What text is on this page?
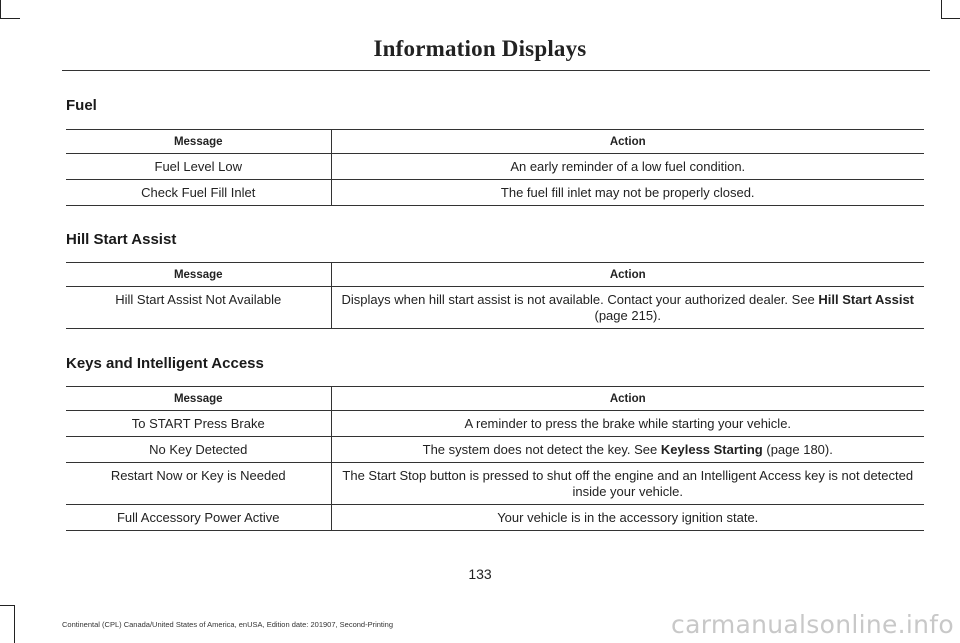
Information Displays
Fuel
Message	Action
Fuel Level Low	An early reminder of a low fuel condition.
Check Fuel Fill Inlet	The fuel fill inlet may not be properly closed.
Hill Start Assist
Message	Action
Hill Start Assist Not Available	Displays when hill start assist is not available. Contact your authorized dealer. See Hill Start Assist (page 215).
Keys and Intelligent Access
Message	Action
To START Press Brake	A reminder to press the brake while starting your vehicle.
No Key Detected	The system does not detect the key. See Keyless Starting (page 180).
Restart Now or Key is Needed	The Start Stop button is pressed to shut off the engine and an Intelligent Access key is not detected inside your vehicle.
Full Accessory Power Active	Your vehicle is in the accessory ignition state.
133
Continental (CPL) Canada/United States of America, enUSA, Edition date: 201907, Second-Printing	carmanualsonline.info
